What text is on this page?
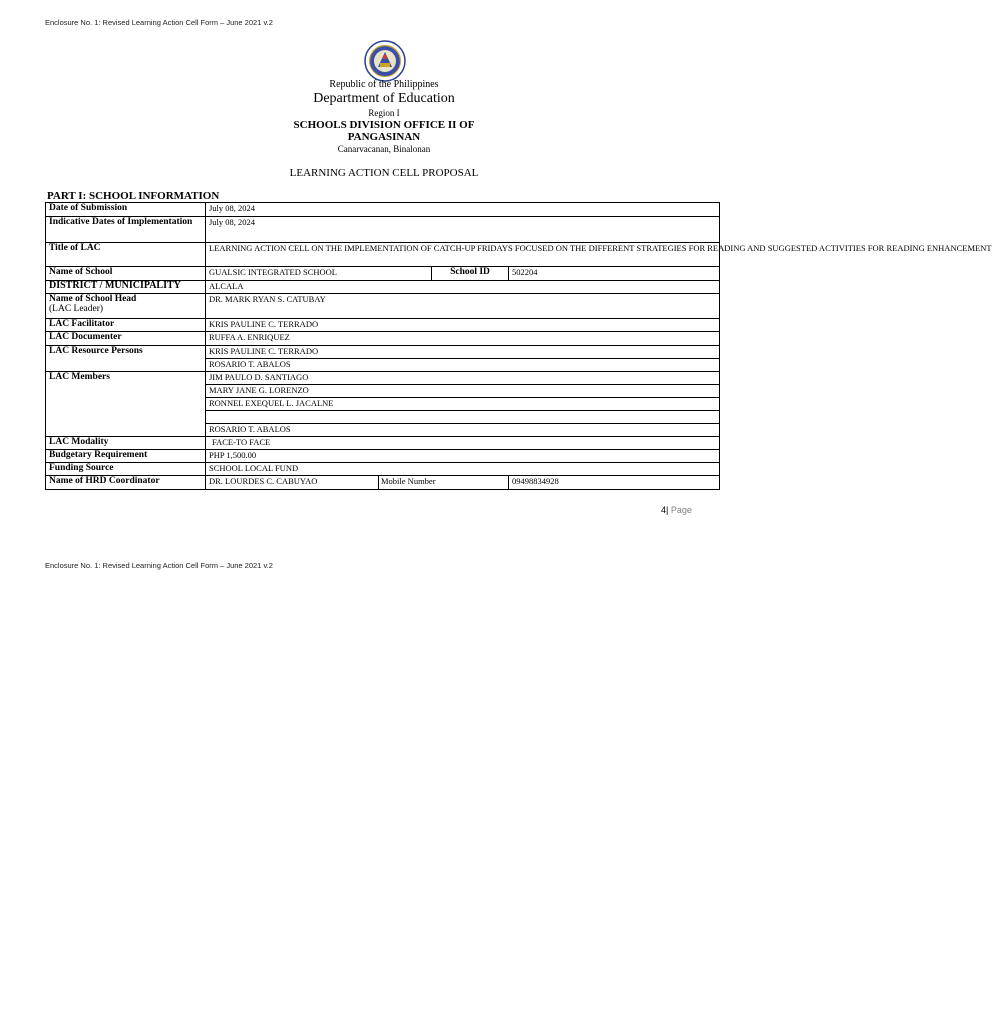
Enclosure No. 1: Revised Learning Action Cell Form – June 2021 v.2
Republic of the Philippines
Department of Education
Region I
SCHOOLS DIVISION OFFICE II OF
PANGASINAN
Canarvacanan, Binalonan
LEARNING ACTION CELL PROPOSAL
PART I: SCHOOL INFORMATION
Date of Submission	July 08, 2024			
Indicative Dates of Implementation	July 08, 2024			
Title of LAC	LEARNING ACTION CELL ON THE IMPLEMENTATION OF CATCH-UP FRIDAYS FOCUSED ON THE DIFFERENT STRATEGIES FOR READING AND SUGGESTED ACTIVITIES FOR READING ENHANCEMENT			
Name of School	GUALSIC INTEGRATED SCHOOL		School ID	502204
DISTRICT / MUNICIPALITY	ALCALA			
Name of School Head
(LAC Leader)	DR. MARK RYAN S. CATUBAY			
LAC Facilitator	KRIS PAULINE C. TERRADO			
LAC Documenter	RUFFA A. ENRIQUEZ			
LAC Resource Persons	KRIS PAULINE C. TERRADO			
	ROSARIO T. ABALOS			
LAC Members	JIM PAULO D. SANTIAGO			
	MARY JANE G. LORENZO			
	RONNEL EXEQUEL L. JACALNE			

	ROSARIO T. ABALOS			
LAC Modality	FACE-TO FACE			
Budgetary Requirement	PHP 1,500.00			
Funding Source	SCHOOL LOCAL FUND			
Name of HRD Coordinator	DR. LOURDES C. CABUYAO	Mobile Number		09498834928
4| Page
Enclosure No. 1: Revised Learning Action Cell Form – June 2021 v.2
